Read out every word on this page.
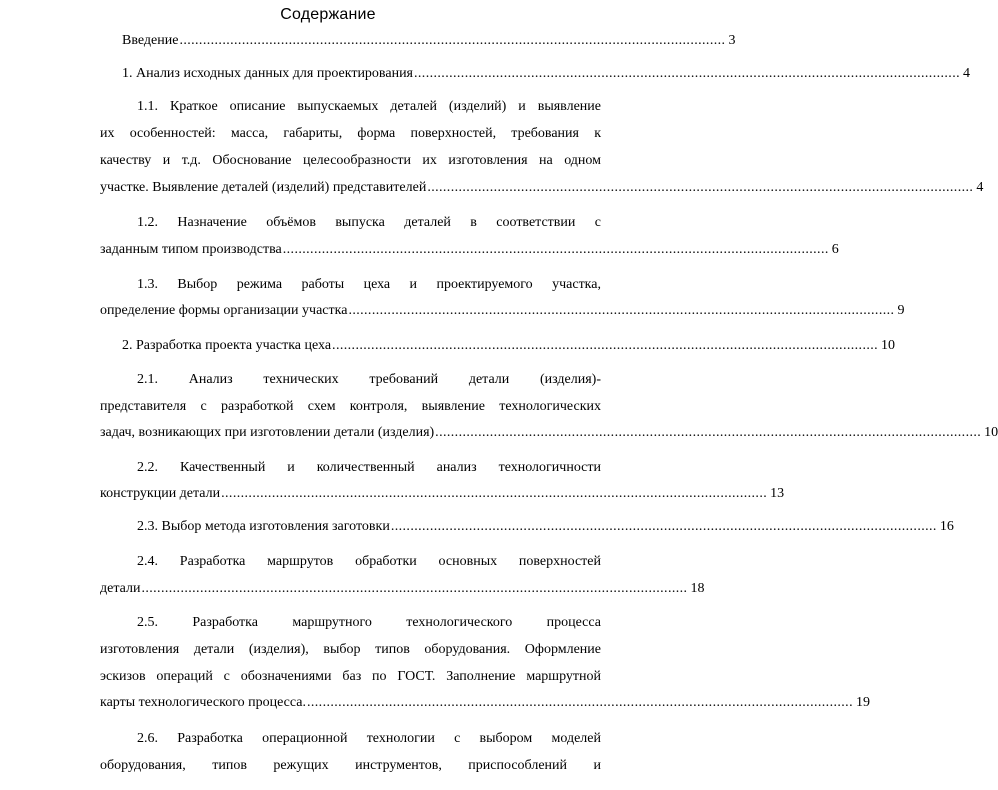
Содержание
Введение ............................................................................................................................................ 3
1. Анализ исходных данных для проектирования ............................................................................................................................................ 4
1.1. Краткое описание выпускаемых деталей (изделий) и выявление
их особенностей: масса, габариты, форма поверхностей, требования к
качеству и т.д. Обоснование целесообразности их изготовления на одном
участке. Выявление деталей (изделий) представителей ............................................................................................................................................ 4
1.2. Назначение объёмов выпуска деталей в соответствии с
заданным типом производства ............................................................................................................................................ 6
1.3. Выбор режима работы цеха и проектируемого участка,
определение формы организации участка ............................................................................................................................................ 9
2. Разработка проекта участка цеха ............................................................................................................................................ 10
2.1. Анализ технических требований детали (изделия)-
представителя с разработкой схем контроля, выявление технологических
задач, возникающих при изготовлении детали (изделия) ............................................................................................................................................ 10
2.2. Качественный и количественный анализ технологичности
конструкции детали ............................................................................................................................................ 13
2.3. Выбор метода изготовления заготовки ............................................................................................................................................ 16
2.4. Разработка маршрутов обработки основных поверхностей
детали ............................................................................................................................................ 18
2.5. Разработка маршрутного технологического процесса
изготовления детали (изделия), выбор типов оборудования. Оформление
эскизов операций с обозначениями баз по ГОСТ. Заполнение маршрутной
карты технологического процесса. ............................................................................................................................................ 19
2.6. Разработка операционной технологии с выбором моделей
оборудования, типов режущих инструментов, приспособлений и
